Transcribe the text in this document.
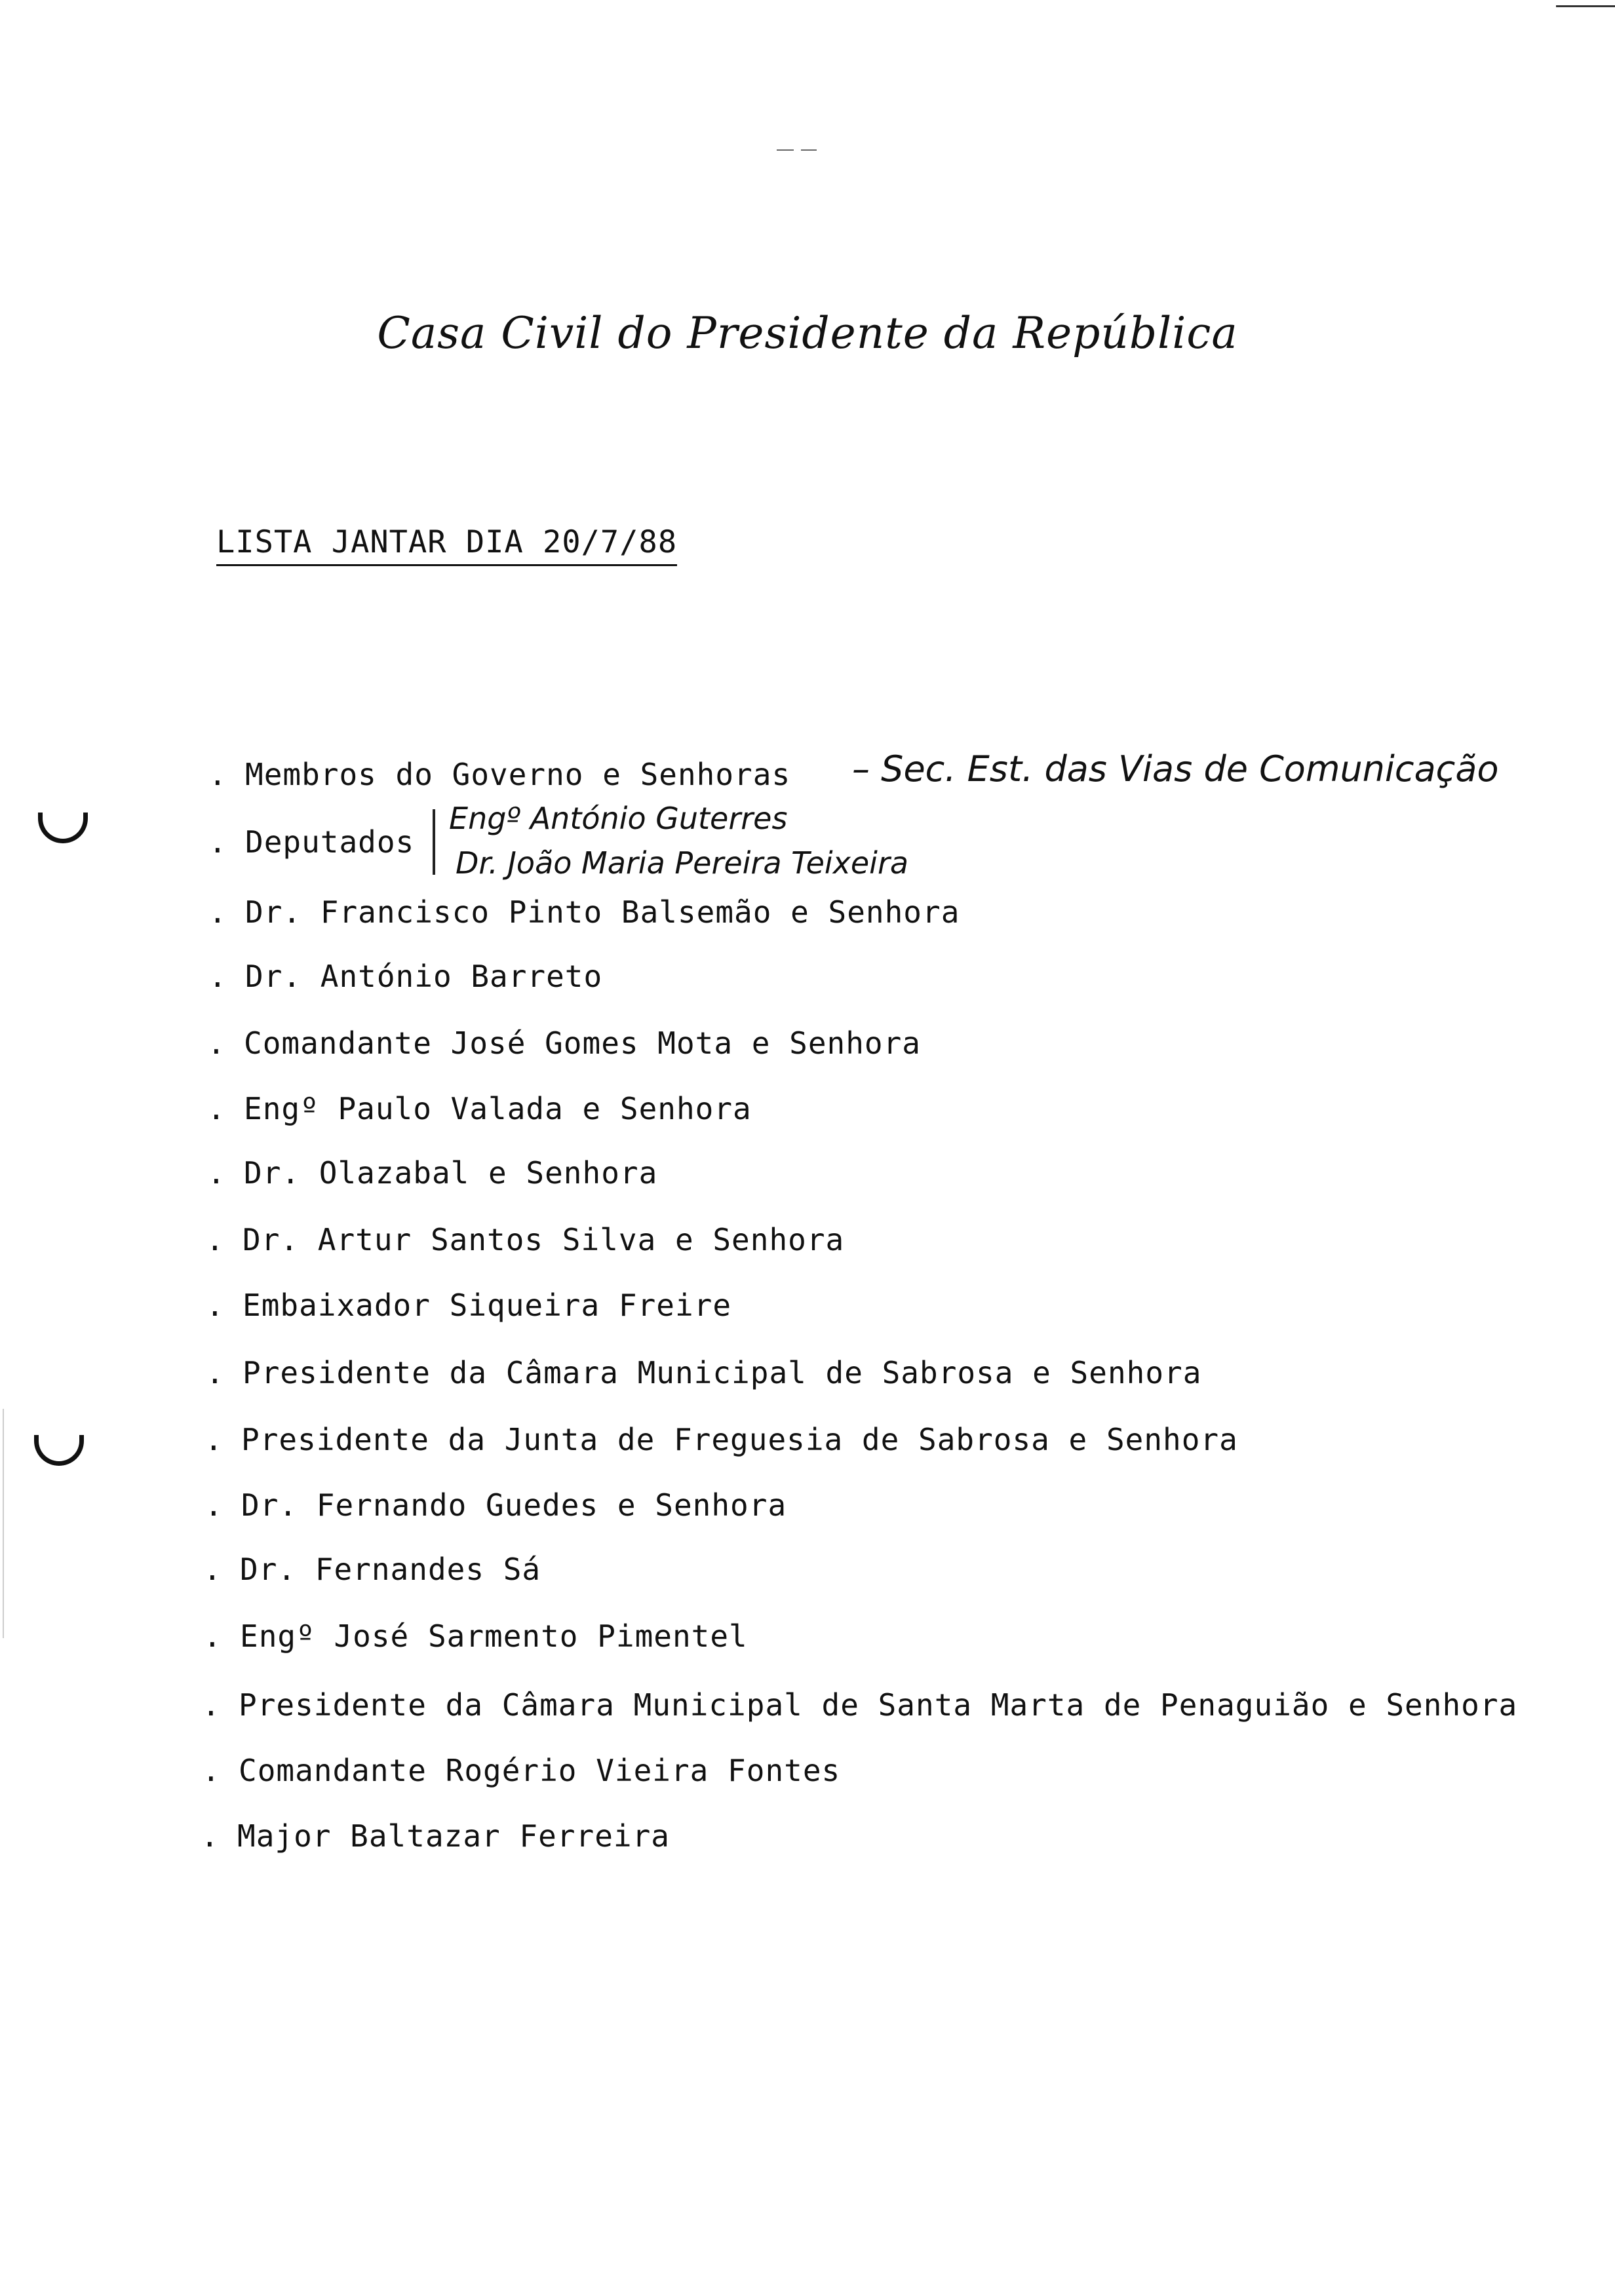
Casa Civil do Presidente da República
LISTA JANTAR DIA 20/7/88
. Membros do Governo e Senhoras – Sec. Est. das Vias de Comunicação
. Deputados
Engº António Guterres
Dr. João Maria Pereira Teixeira
. Dr. Francisco Pinto Balsemão e Senhora
. Dr. António Barreto
. Comandante José Gomes Mota e Senhora
. Engº Paulo Valada e Senhora
. Dr. Olazabal e Senhora
. Dr. Artur Santos Silva e Senhora
. Embaixador Siqueira Freire
. Presidente da Câmara Municipal de Sabrosa e Senhora
. Presidente da Junta de Freguesia de Sabrosa e Senhora
. Dr. Fernando Guedes e Senhora
. Dr. Fernandes Sá
. Engº José Sarmento Pimentel
. Presidente da Câmara Municipal de Santa Marta de Penaguião e Senhora
. Comandante Rogério Vieira Fontes
. Major Baltazar Ferreira
